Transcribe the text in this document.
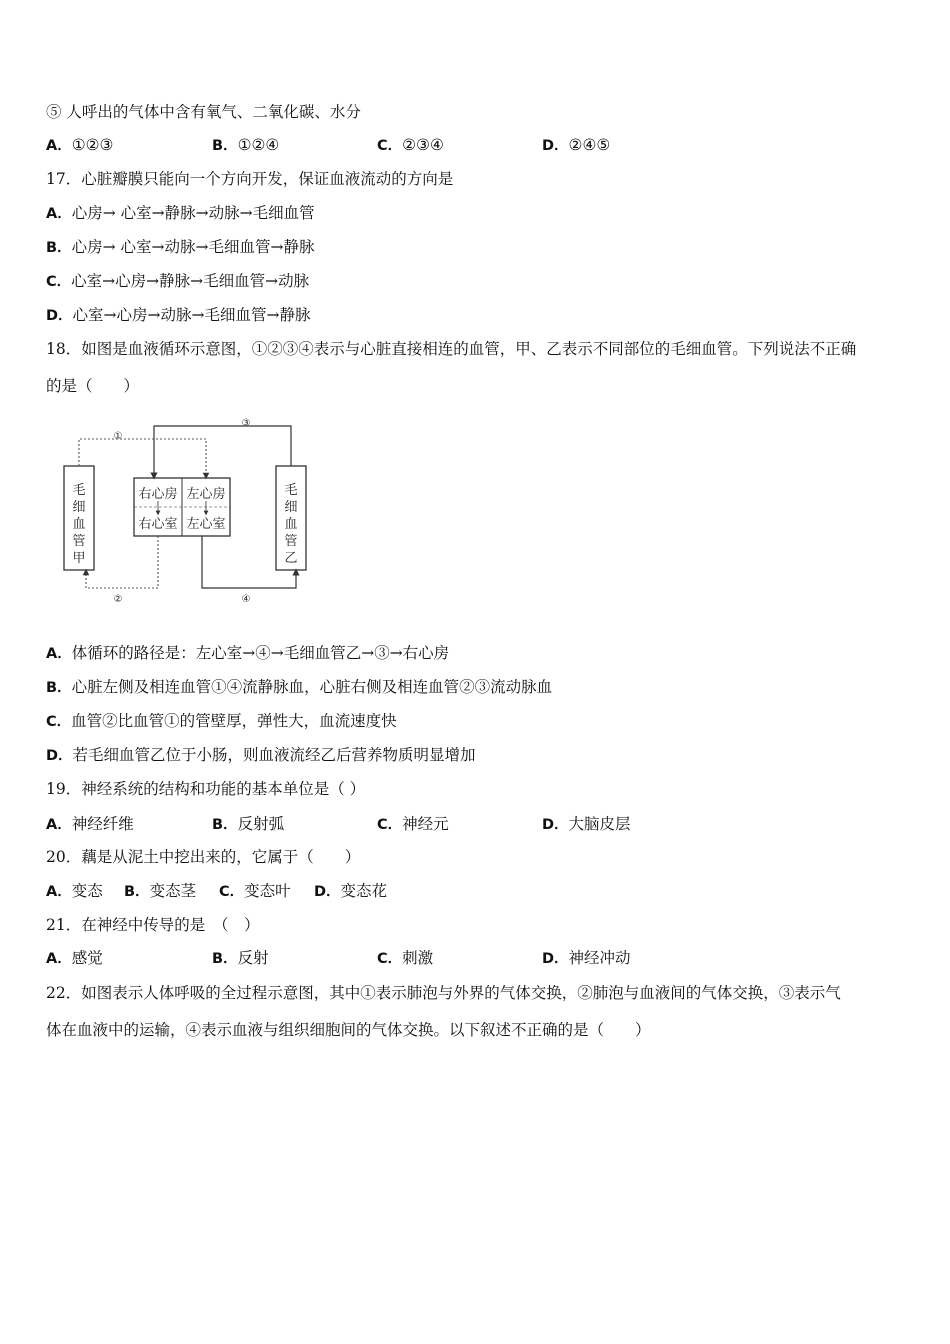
⑤ 人呼出的气体中含有氧气、二氧化碳、水分
A．①②③	B．①②④	C．②③④	D．②④⑤
17．心脏瓣膜只能向一个方向开发，保证血液流动的方向是
A．心房→ 心室→静脉→动脉→毛细血管
B．心房→ 心室→动脉→毛细血管→静脉
C．心室→心房→静脉→毛细血管→动脉
D．心室→心房→动脉→毛细血管→静脉
18．如图是血液循环示意图，①②③④表示与心脏直接相连的血管，甲、乙表示不同部位的毛细血管。下列说法不正确
的是（　　）
毛
细
血
管
甲
毛
细
血
管
乙
右心房 左心房
右心室 左心室
①
②
③
④
A．体循环的路径是：左心室→④→毛细血管乙→③→右心房
B．心脏左侧及相连血管①④流静脉血，心脏右侧及相连血管②③流动脉血
C．血管②比血管①的管壁厚，弹性大，血流速度快
D．若毛细血管乙位于小肠，则血液流经乙后营养物质明显增加
19．神经系统的结构和功能的基本单位是（ ）
A．神经纤维	B．反射弧	C．神经元	D．大脑皮层
20．藕是从泥土中挖出来的，它属于（　　）
A．变态 B．变态茎 C．变态叶 D．变态花
21．在神经中传导的是　（　）
A．感觉	B．反射	C．刺激	D．神经冲动
22．如图表示人体呼吸的全过程示意图，其中①表示肺泡与外界的气体交换，②肺泡与血液间的气体交换，③表示气
体在血液中的运输，④表示血液与组织细胞间的气体交换。以下叙述不正确的是（　　）
